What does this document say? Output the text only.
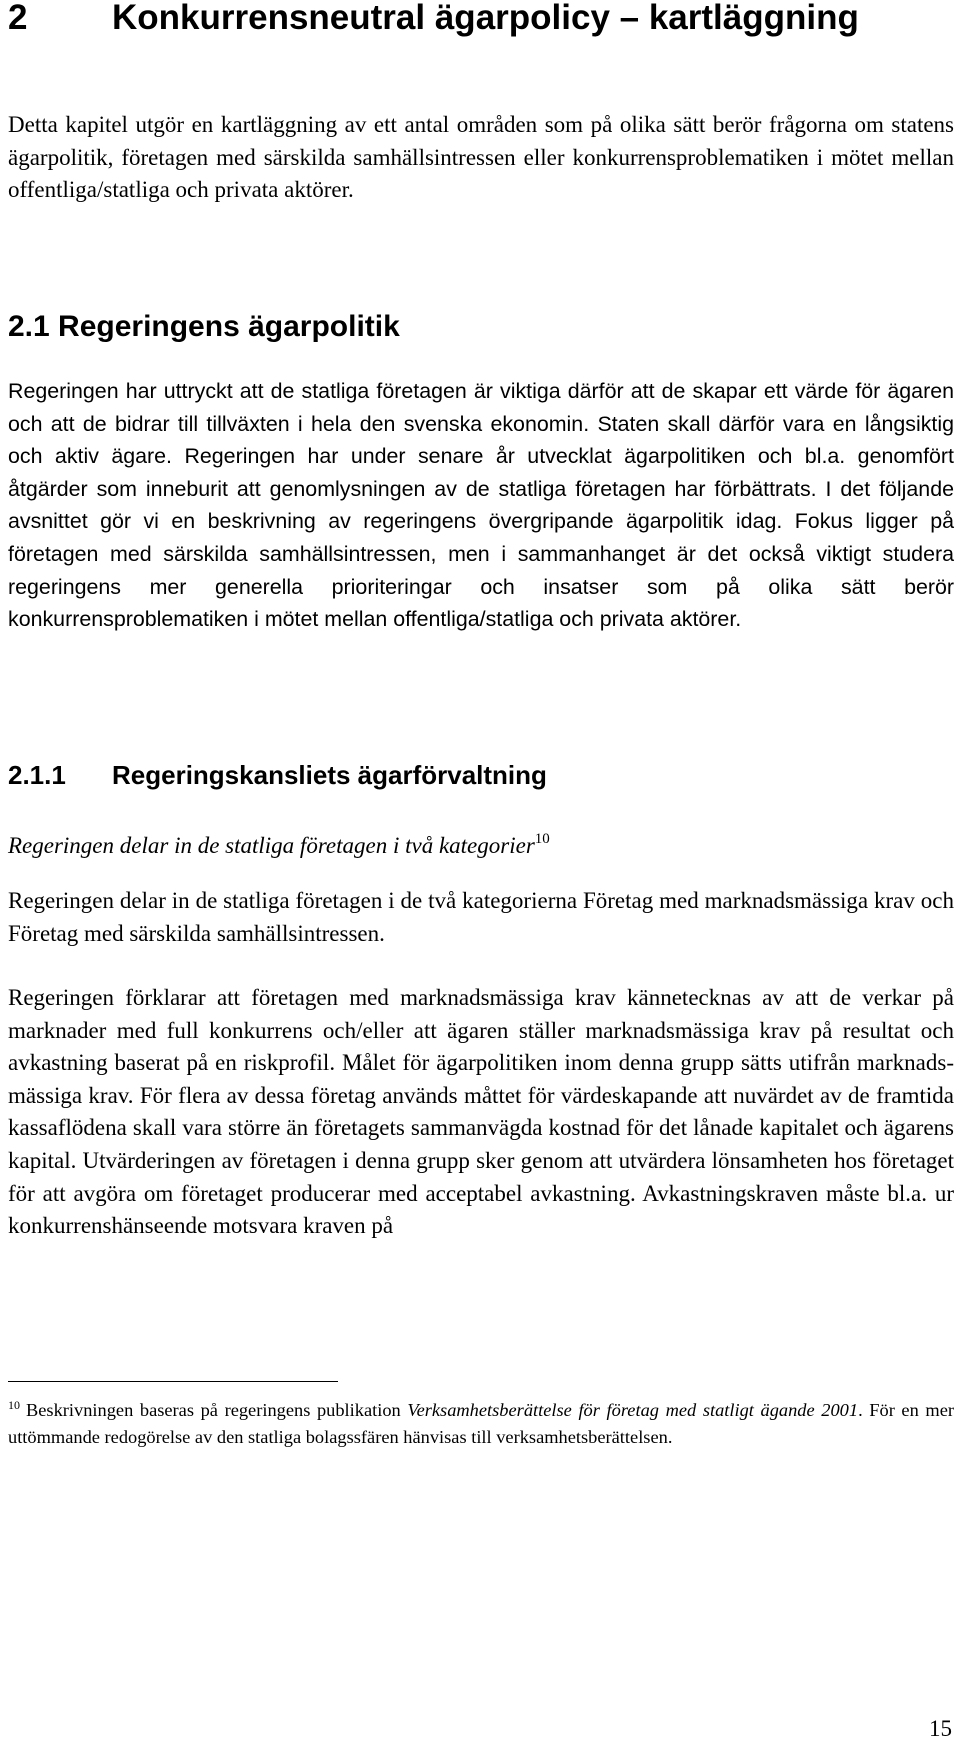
2 Konkurrensneutral ägarpolicy – kartläggning

Detta kapitel utgör en kartläggning av ett antal områden som på olika sätt berör frågorna om statens ägarpolitik, företagen med särskilda samhällsintressen eller konkurrensproblematiken i mötet mellan offentliga/statliga och privata aktörer.

2.1 Regeringens ägarpolitik

Regeringen har uttryckt att de statliga företagen är viktiga därför att de skapar ett värde för ägaren och att de bidrar till tillväxten i hela den svenska ekonomin. Staten skall därför vara en långsiktig och aktiv ägare. Regeringen har under senare år utvecklat ägarpolitiken och bl.a. genomfört åtgärder som inneburit att genomlysningen av de statliga företagen har förbättrats. I det följande avsnittet gör vi en beskrivning av regeringens övergripande ägarpolitik idag. Fokus ligger på företagen med särskilda samhällsintressen, men i sammanhanget är det också viktigt studera regeringens mer generella prioriteringar och insatser som på olika sätt berör konkurrensproblematiken i mötet mellan offentliga/statliga och privata aktörer.

2.1.1 Regeringskansliets ägarförvaltning
Regeringen delar in de statliga företagen i två kategorier$^{10}$

Regeringen delar in de statliga företagen i de två kategorierna Företag med marknadsmässiga krav och Företag med särskilda samhällsintressen.

Regeringen förklarar att företagen med marknadsmässiga krav kännetecknas av att de verkar på marknader med full konkurrens och/eller att ägaren ställer marknadsmässiga krav på resultat och avkastning baserat på en riskprofil. Målet för ägarpolitiken inom denna grupp sätts utifrån marknadsmässiga krav. För flera av dessa företag används måttet för värdeskapande att nuvärdet av de framtida kassaflödena skall vara större än företagets sammanvägda kostnad för det lånade kapitalet och ägarens kapital. Utvärderingen av företagen i denna grupp sker genom att utvärdera lönsamheten hos företaget för att avgöra om företaget producerar med acceptabel avkastning. Avkastningskraven måste bl.a. ur konkurrenshänseende motsvara kraven på

$^{10}$ Beskrivningen baseras på regeringens publikation Verksamhetsberättelse för företag med statligt ägande 2001. För en mer uttömmande redogörelse av den statliga bolagssfären hänvisas till verksamhetsberättelsen.

15
